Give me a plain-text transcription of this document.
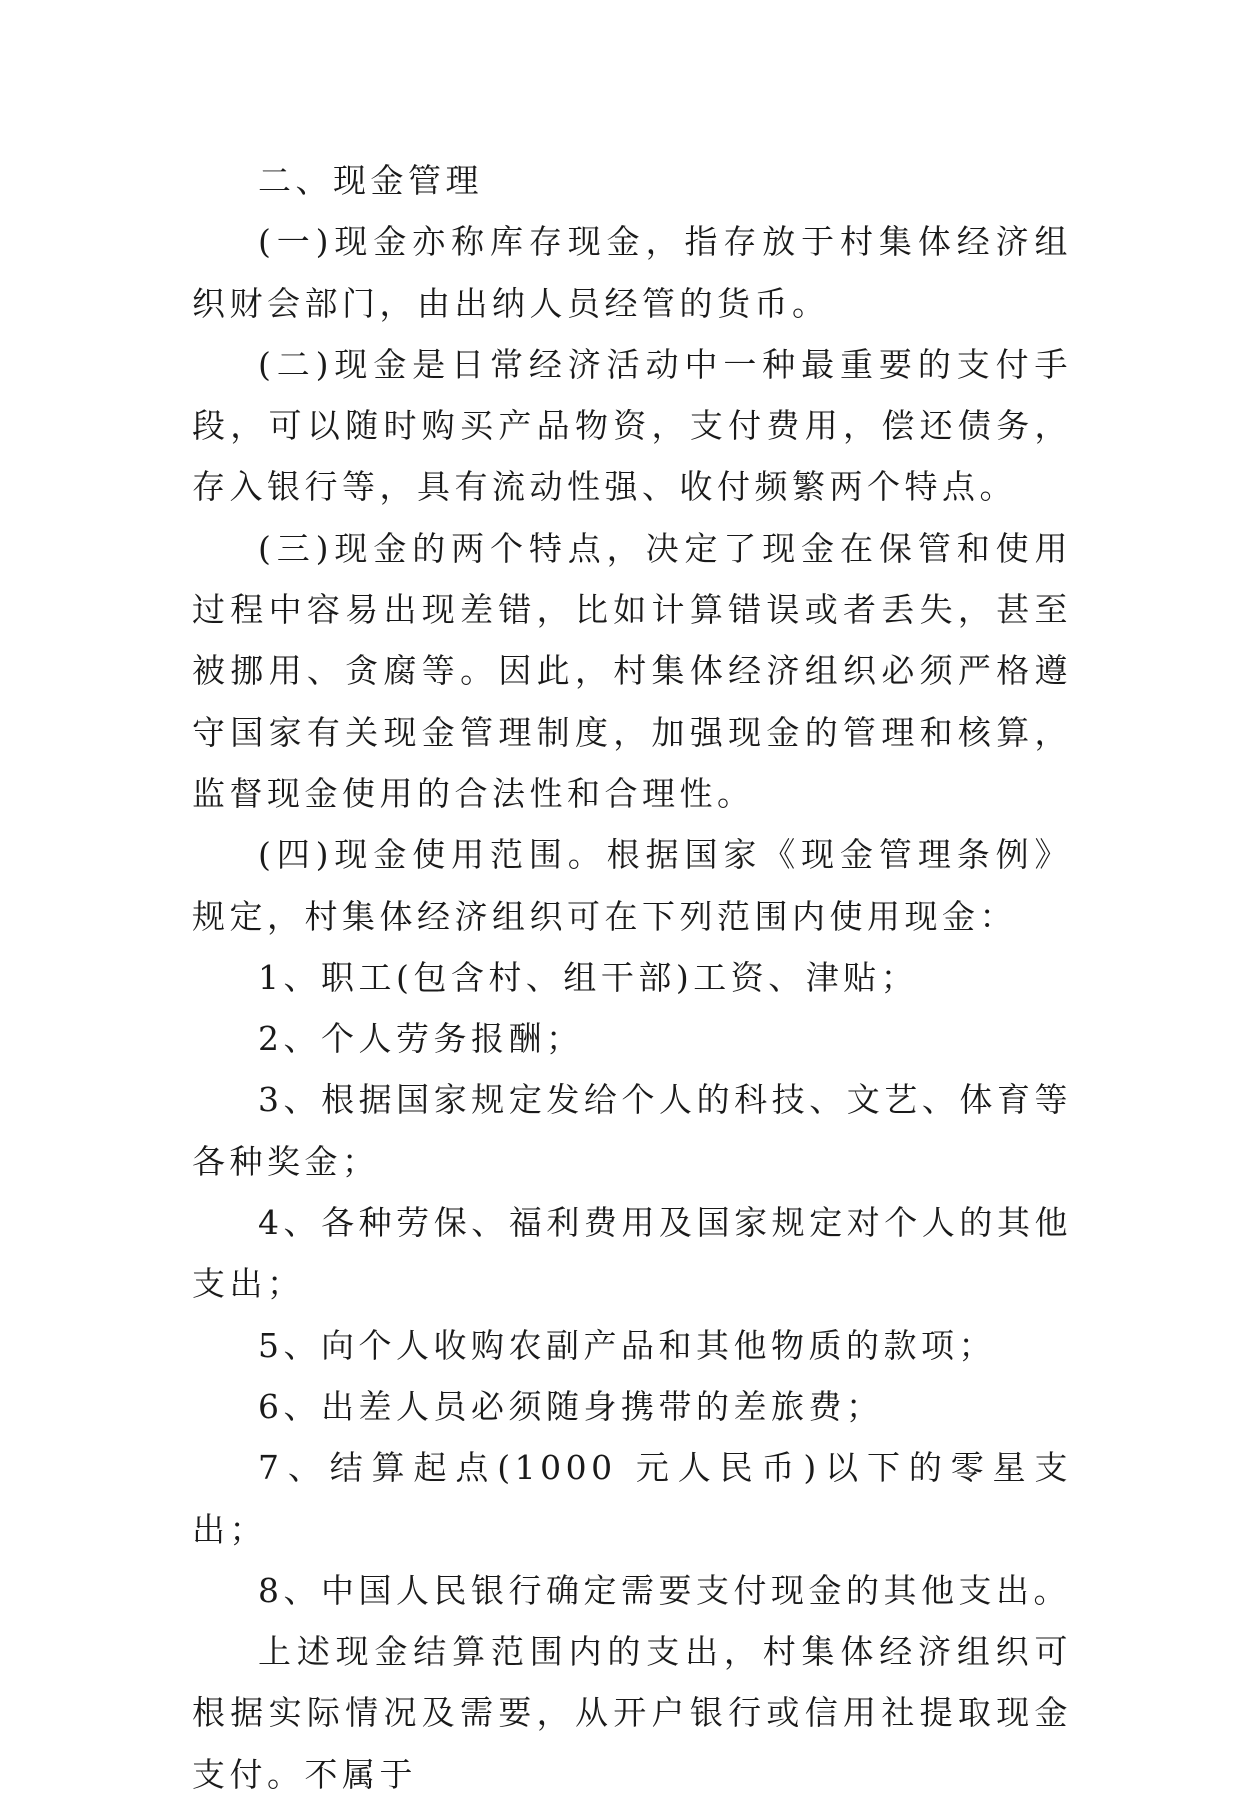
二、现金管理

(一)现金亦称库存现金，指存放于村集体经济组织财会部门，由出纳人员经管的货币。

(二)现金是日常经济活动中一种最重要的支付手段，可以随时购买产品物资，支付费用，偿还债务，存入银行等，具有流动性强、收付频繁两个特点。

(三)现金的两个特点，决定了现金在保管和使用过程中容易出现差错，比如计算错误或者丢失，甚至被挪用、贪腐等。因此，村集体经济组织必须严格遵守国家有关现金管理制度，加强现金的管理和核算，监督现金使用的合法性和合理性。

(四)现金使用范围。根据国家《现金管理条例》规定，村集体经济组织可在下列范围内使用现金：

1、职工(包含村、组干部)工资、津贴；

2、个人劳务报酬；

3、根据国家规定发给个人的科技、文艺、体育等各种奖金；

4、各种劳保、福利费用及国家规定对个人的其他支出；

5、向个人收购农副产品和其他物质的款项；

6、出差人员必须随身携带的差旅费；

7、结算起点(1000 元人民币)以下的零星支出；

8、中国人民银行确定需要支付现金的其他支出。

上述现金结算范围内的支出，村集体经济组织可根据实际情况及需要，从开户银行或信用社提取现金支付。不属于
